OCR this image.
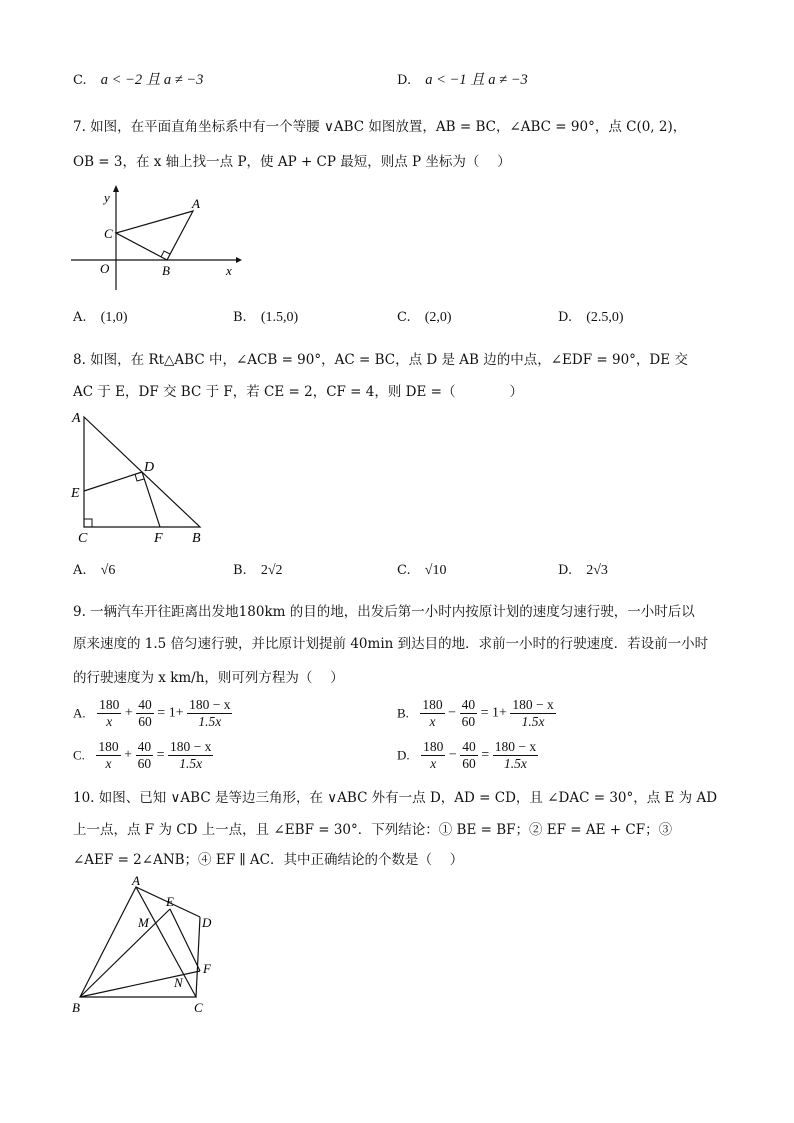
C. a < −2 且 a ≠ −3	D. a < −1 且 a ≠ −3
7. 如图，在平面直角坐标系中有一个等腰 ∨ABC 如图放置，AB = BC，∠ABC = 90°，点 C(0, 2)，
OB = 3，在 x 轴上找一点 P，使 AP + CP 最短，则点 P 坐标为（　 ）
y
x
O
C
A
B
A. (1,0)	B. (1.5,0)	C. (2,0)	D. (2.5,0)
8. 如图，在 Rt△ABC 中，∠ACB = 90°，AC = BC，点 D 是 AB 边的中点，∠EDF = 90°，DE 交
AC 于 E，DF 交 BC 于 F，若 CE = 2，CF = 4，则 DE =（　　　　）
A
D
E
C	F B
A. √6	B. 2√2	C. √10	D. 2√3
9. 一辆汽车开往距离出发地180km 的目的地，出发后第一小时内按原计划的速度匀速行驶，一小时后以
原来速度的 1.5 倍匀速行驶，并比原计划提前 40min 到达目的地．求前一小时的行驶速度．若设前一小时
的行驶速度为 x km/h，则可列方程为（　 ）
A. $\frac{180}{x} + \frac{40}{60} = 1+ \frac{180 - x}{1.5x}$	B. $\frac{180}{x} - \frac{40}{60} = 1+ \frac{180 - x}{1.5x}$
C. $\frac{180}{x} + \frac{40}{60} = \frac{180 - x}{1.5x}$	D. $\frac{180}{x} - \frac{40}{60} = \frac{180 - x}{1.5x}$
10. 如图、已知 ∨ABC 是等边三角形，在 ∨ABC 外有一点 D，AD = CD，且 ∠DAC = 30°，点 E 为 AD
上一点，点 F 为 CD 上一点，且 ∠EBF = 30°．下列结论：① BE = BF；② EF = AE + CF；③
∠AEF = 2∠ANB；④ EF ∥ AC．其中正确结论的个数是（　 ）
A
E
M	D
F
N
B	C
